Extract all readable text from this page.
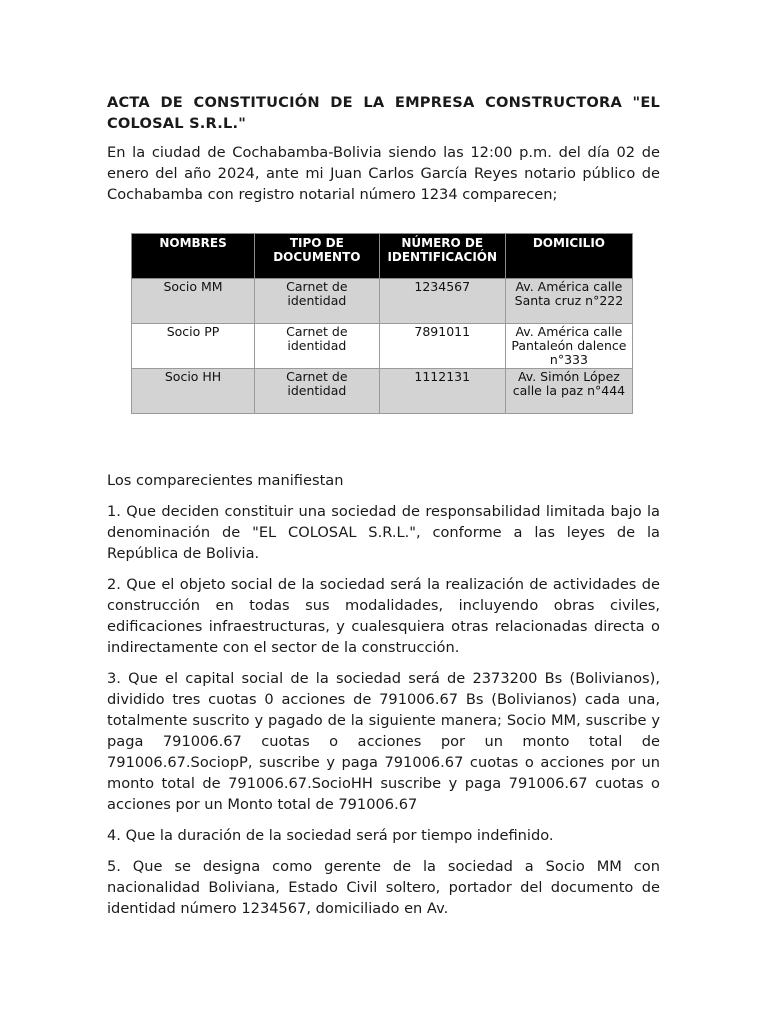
ACTA DE CONSTITUCIÓN DE LA EMPRESA CONSTRUCTORA "EL COLOSAL S.R.L."

En la ciudad de Cochabamba-Bolivia siendo las 12:00 p.m. del día 02 de enero del año 2024, ante mi Juan Carlos García Reyes notario público de Cochabamba con registro notarial número 1234 comparecen;

NOMBRES	TIPO DE DOCUMENTO	NÚMERO DE IDENTIFICACIÓN	DOMICILIO
Socio MM	Carnet de identidad	1234567	Av. América calle Santa cruz n°222
Socio PP	Carnet de identidad	7891011	Av. América calle Pantaleón dalence n°333
Socio HH	Carnet de identidad	1112131	Av. Simón López calle la paz n°444

Los comparecientes manifiestan

1. Que deciden constituir una sociedad de responsabilidad limitada bajo la denominación de "EL COLOSAL S.R.L.", conforme a las leyes de la República de Bolivia.

2. Que el objeto social de la sociedad será la realización de actividades de construcción en todas sus modalidades, incluyendo obras civiles, edificaciones infraestructuras, y cualesquiera otras relacionadas directa o indirectamente con el sector de la construcción.

3. Que el capital social de la sociedad será de 2373200 Bs (Bolivianos), dividido tres cuotas 0 acciones de 791006.67 Bs (Bolivianos) cada una, totalmente suscrito y pagado de la siguiente manera; Socio MM, suscribe y paga 791006.67 cuotas o acciones por un monto total de 791006.67.SociopP, suscribe y paga 791006.67 cuotas o acciones por un monto total de 791006.67.SocioHH suscribe y paga 791006.67 cuotas o acciones por un Monto total de 791006.67

4. Que la duración de la sociedad será por tiempo indefinido.

5. Que se designa como gerente de la sociedad a Socio MM con nacionalidad Boliviana, Estado Civil soltero, portador del documento de identidad número 1234567, domiciliado en Av.
